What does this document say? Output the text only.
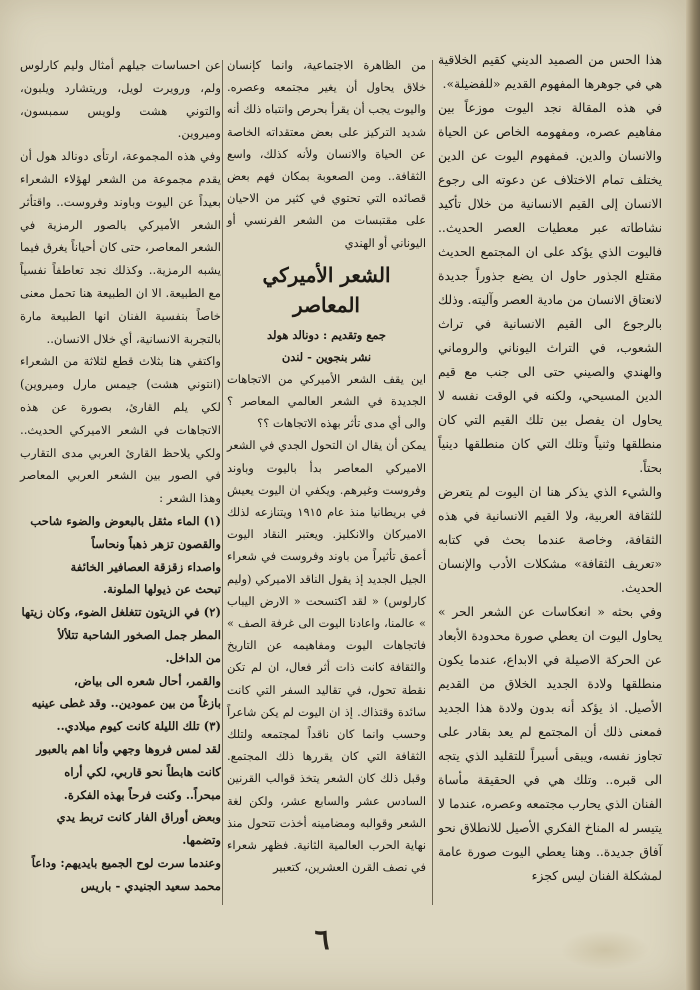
هذا الحس من الصميد الديني كقيم الخلاقية هي في جوهرها المفهوم القديم «للفضيلة».

في هذه المقالة نجد اليوت موزعاً بين مفاهيم عصره، ومفهومه الخاص عن الحياة والانسان والدين. فمفهوم اليوت عن الدين يختلف تمام الاختلاف عن دعوته الى رجوع الانسان إلى القيم الانسانية من خلال تأكيد نشاطاته عبر معطيات العصر الحديث.. فاليوت الذي يؤكد على ان المجتمع الحديث مقتلع الجذور حاول ان يضع جذوراً جديدة لانعتاق الانسان من مادية العصر وآليته. وذلك بالرجوع الى القيم الانسانية في تراث الشعوب، في التراث اليوناني والروماني والهندي والصيني حتى الى جنب مع قيم الدين المسيحي، ولكنه في الوقت نفسه لا يحاول ان يفصل بين تلك القيم التي كان منطلقها وثنياً وتلك التي كان منطلقها دينياً بحتاً.

والشيء الذي يذكر هنا ان اليوت لم يتعرض للثقافة العربية، ولا القيم الانسانية في هذه الثقافة، وخاصة عندما بحث في كتابه «تعريف الثقافة» مشكلات الأدب والإنسان الحديث.

وفي بحثه « انعكاسات عن الشعر الحر » يحاول اليوت ان يعطي صورة محدودة الأبعاد عن الحركة الاصيلة في الابداع، عندما يكون منطلقها ولادة الجديد الخلاق من القديم الأصيل. اذ يؤكد أنه بدون ولادة هذا الجديد فمعنى ذلك أن المجتمع لم يعد بقادر على تجاوز نفسه، ويبقى أسيراً للتقليد الذي يتجه الى قبره.. وتلك هي في الحقيقة مأساة الفنان الذي يحارب مجتمعه وعصره، عندما لا يتيسر له المناخ الفكري الأصيل للانطلاق نحو آفاق جديدة.. وهنا يعطي اليوت صورة عامة لمشكلة الفنان ليس كجزء

من الظاهرة الاجتماعية، وانما كإنسان خلاق يحاول أن يغير مجتمعه وعصره. واليوت يجب أن يقرأ بحرص وانتباه ذلك أنه شديد التركيز على بعض معتقداته الخاصة عن الحياة والانسان ولأنه كذلك، واسع الثقافة.. ومن الصعوبة بمكان فهم بعض قصائده التي تحتوي في كثير من الاحيان على مقتبسات من الشعر الفرنسي أو اليوناني أو الهندي

الشعر الأميركي المعاصر
جمع وتقديم : دونالد هولد
نشر بنجوين - لندن

اين يقف الشعر الأميركي من الاتجاهات الجديدة في الشعر العالمي المعاصر ؟ والى أي مدى تأثر بهذه الاتجاهات ؟؟

يمكن أن يقال ان التحول الجدي في الشعر الاميركي المعاصر بدأ باليوت وباوند وفروست وغيرهم. ويكفي ان اليوت يعيش في بريطانيا منذ عام ١٩١٥ ويتنازعه لذلك الاميركان والانكليز. ويعتبر النقاد اليوت أعمق تأثيراً من باوند وفروست في شعراء الجيل الجديد إذ يقول الناقد الاميركي (وليم كارلوس) « لقد اكتسحت « الارض اليباب » عالمنا، واعادنا اليوت الى غرفة الصف » فاتجاهات اليوت ومفاهيمه عن التاريخ والثقافة كانت ذات أثر فعال، ان لم تكن نقطة تحول، في تقاليد السفر التي كانت سائدة وقتذاك. إذ ان اليوت لم يكن شاعراً وحسب وانما كان ناقداً لمجتمعه ولتلك الثقافة التي كان يقررها ذلك المجتمع. وقبل ذلك كان الشعر يتخذ قوالب القرنين السادس عشر والسابع عشر، ولكن لغة الشعر وقوالبه ومضامينه أخذت تتحول منذ نهاية الحرب العالمية الثانية. فظهر شعراء في نصف القرن العشرين، كتعبير

عن احساسات جيلهم أمثال وليم كارلوس ولم، ورويرت لويل، وريتشارد ويلبون، والتوني هشت ولويس سمبسون، وميروين.

وفي هذه المجموعة، ارتأى دونالد هول أن يقدم مجموعة من الشعر لهؤلاء الشعراء بعيداً عن اليوت وباوند وفروست.. واقتأثر الشعر الأميركي بالصور الرمزية في الشعر المعاصر، حتى كان أحياناً يغرق فيما يشبه الرمزية.. وكذلك نجد تعاطفاً نفسياً مع الطبيعة. الا ان الطبيعة هنا تحمل معنى خاصاً بنفسية الفنان انها الطبيعة مارة بالتجربة الانسانية، أي خلال الانسان..

واكتفي هنا بثلاث قطع لثلاثة من الشعراء (انتوني هشت) جيمس مارل وميروين) لكي يلم القارئ، بصورة عن هذه الاتجاهات في الشعر الاميركي الحديث.. ولكي يلاحظ القارئ العربي مدى التقارب في الصور بين الشعر العربي المعاصر وهذا الشعر :

(١) الماء مثقل بالبعوض والضوء شاحب

والقصون تزهر ذهباً ونحاساً

واصداء زقزقة العصافير الخائفة

تبحث عن ذيولها الملونة.

(٢) في الزيتون تتغلغل الضوء، وكان زيتها

المطر جمل الصخور الشاحبة تتلألأ

من الداخل.

والقمر، أحال شعره الى بياض،

بازغاً من بين عمودين.. وقد غطى عينيه

(٣) تلك الليلة كانت كيوم ميلادي..

لقد لمس فروها وجهي وأنا اهم بالعبور

كانت هابطاً نحو قاربي، لكي أراه

مبحراً.. وكنت فرحاً بهذه الفكرة.

وبعض أوراق الفار كانت تربط يدي

وتضمها.

وعندما سرت لوح الجميع بايديهم: وداعاً

محمد سعيد الجنيدي - باريس

٦
